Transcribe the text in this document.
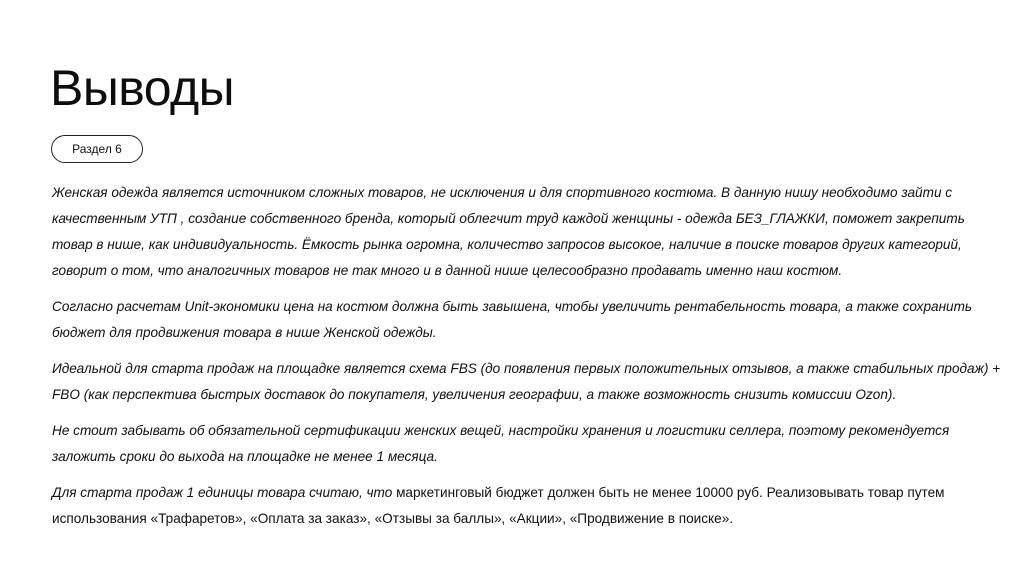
Выводы
Раздел 6

Женская одежда является источником сложных товаров, не исключения и для спортивного костюма. В данную нишу необходимо зайти с качественным УТП , создание собственного бренда, который облегчит труд каждой женщины - одежда БЕЗ_ГЛАЖКИ, поможет закрепить товар в нише, как индивидуальность. Ёмкость рынка огромна, количество запросов высокое, наличие в поиске товаров других категорий, говорит о том, что аналогичных товаров не так много и в данной нише целесообразно продавать именно наш костюм.

Согласно расчетам Unit-экономики цена на костюм должна быть завышена, чтобы увеличить рентабельность товара, а также сохранить бюджет для продвижения товара в нише Женской одежды.

Идеальной для старта продаж на площадке является схема FBS (до появления первых положительных отзывов, а также стабильных продаж) + FBO (как перспектива быстрых доставок до покупателя, увеличения географии, а также возможность снизить комиссии Ozon).

Не стоит забывать об обязательной сертификации женских вещей, настройки хранения и логистики селлера, поэтому рекомендуется заложить сроки до выхода на площадке не менее 1 месяца.

Для старта продаж 1 единицы товара считаю, что маркетинговый бюджет должен быть не менее 10000 руб. Реализовывать товар путем использования «Трафаретов», «Оплата за заказ», «Отзывы за баллы», «Акции», «Продвижение в поиске».
